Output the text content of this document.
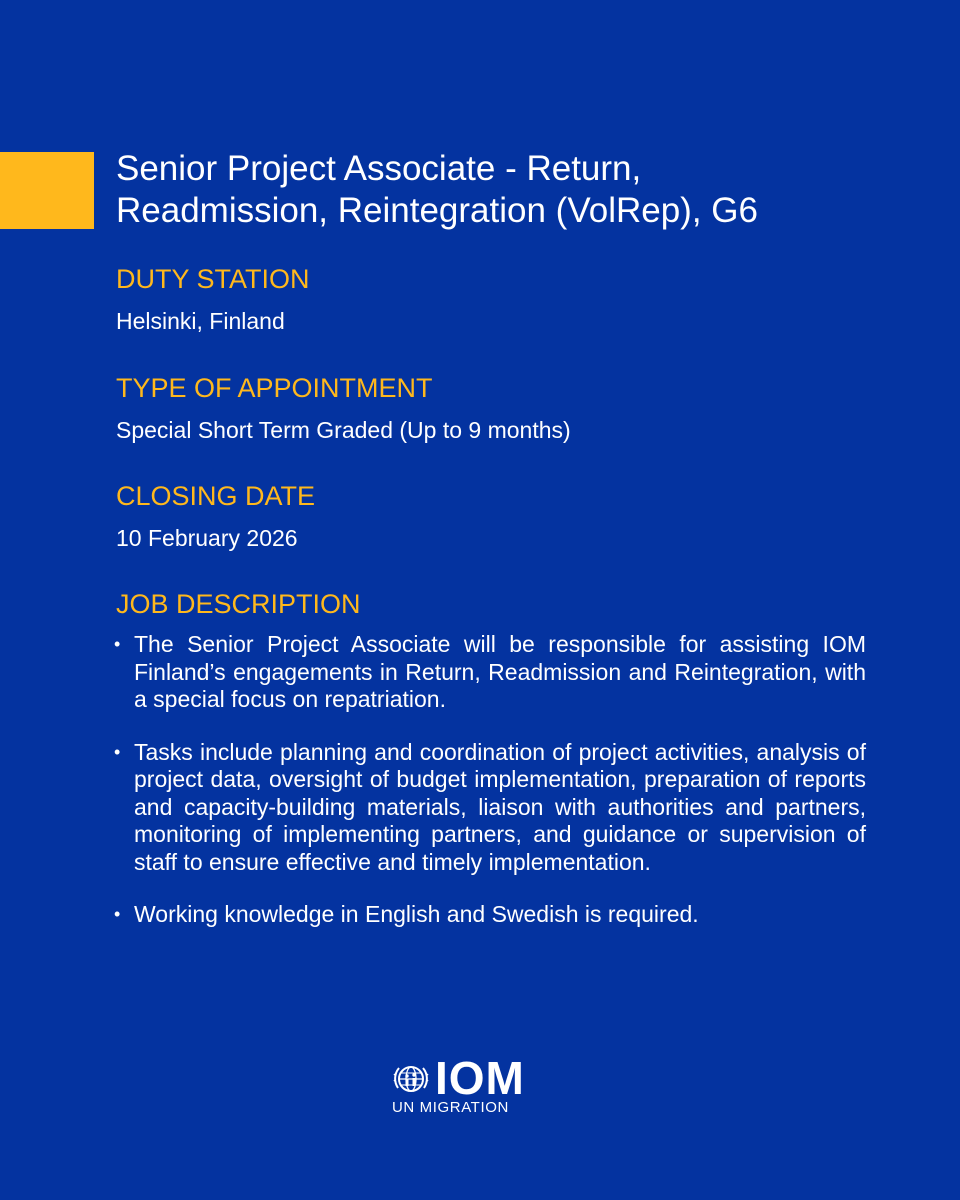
Senior Project Associate - Return,
Readmission, Reintegration (VolRep), G6
DUTY STATION

Helsinki, Finland

TYPE OF APPOINTMENT

Special Short Term Graded (Up to 9 months)

CLOSING DATE

10 February 2026

JOB DESCRIPTION
• The Senior Project Associate will be responsible for assisting IOM Finland’s engagements in Return, Readmission and Reintegration, with a special focus on repatriation.
• Tasks include planning and coordination of project activities, analysis of project data, oversight of budget implementation, preparation of reports and capacity-building materials, liaison with authorities and partners, monitoring of implementing partners, and guidance or supervision of staff to ensure effective and timely implementation.
• Working knowledge in English and Swedish is required.
IOM
UN MIGRATION
